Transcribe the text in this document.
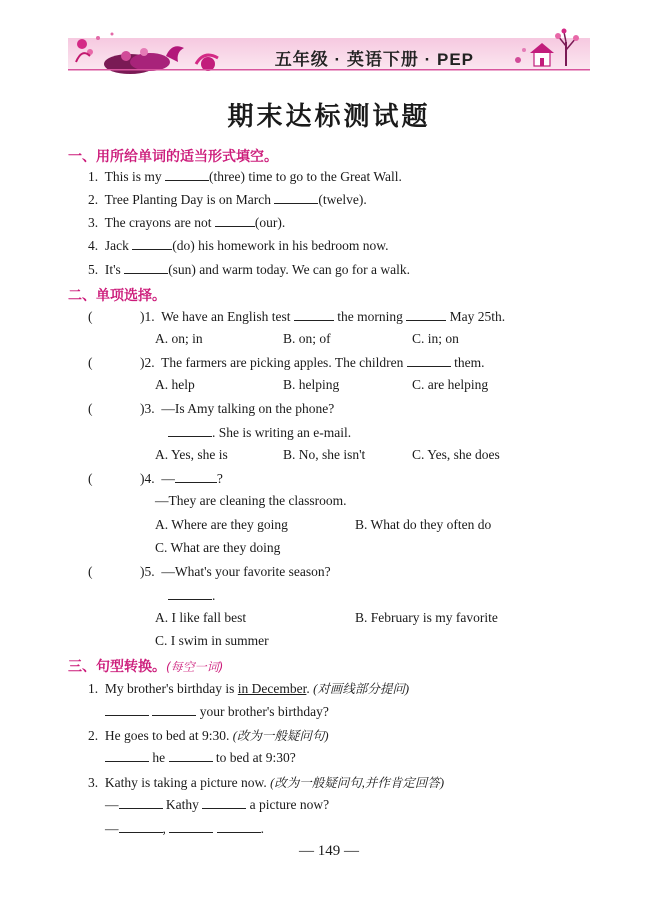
五年级 · 英语下册 · PEP
期末达标测试题
一、用所给单词的适当形式填空。
1. This is my	(three) time to go to the Great Wall.
2. Tree Planting Day is on March	(twelve).
3. The crayons are not	(our).
4. Jack	(do) his homework in his bedroom now.
5. It's	(sun) and warm today. We can go for a walk.
二、单项选择。
(	)1. We have an English test	the morning	May 25th.
A. on; in	B. on; of	C. in; on
(	)2. The farmers are picking apples. The children	them.
A. help	B. helping	C. are helping
(	)3. —Is Amy talking on the phone?
. She is writing an e-mail.
A. Yes, she is	B. No, she isn't	C. Yes, she does
(	)4. —	?
—They are cleaning the classroom.
A. Where are they going	B. What do they often do
C. What are they doing
(	)5. —What's your favorite season?
.
A. I like fall best	B. February is my favorite
C. I swim in summer
三、句型转换。(每空一词)
1. My brother's birthday is in December. (对画线部分提问)
your brother's birthday?
2. He goes to bed at 9:30. (改为一般疑问句)
he	to bed at 9:30?
3. Kathy is taking a picture now. (改为一般疑问句,并作肯定回答)
—	Kathy	a picture now?
—	,	.
— 149 —
